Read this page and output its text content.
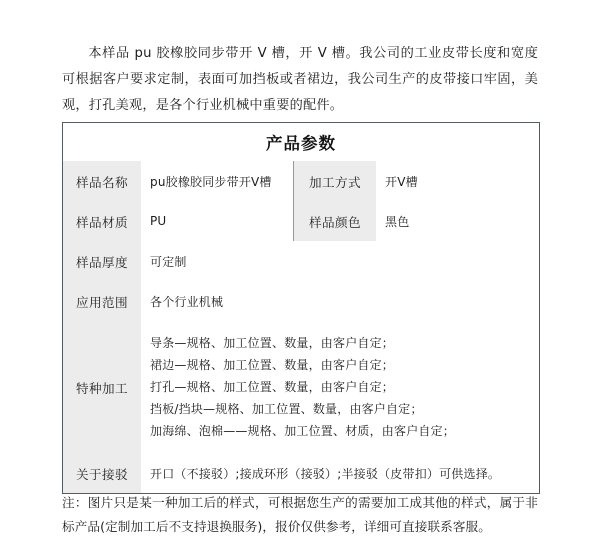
本样品 pu 胶橡胶同步带开 V 槽，开 V 槽。我公司的工业皮带长度和宽度可根据客户要求定制，表面可加挡板或者裙边，我公司生产的皮带接口牢固，美观，打孔美观，是各个行业机械中重要的配件。

产品参数			
样品名称	pu胶橡胶同步带开V槽	加工方式	开V槽
样品材质	PU	样品颜色	黑色
样品厚度	可定制		
应用范围	各个行业机械		
特种加工	导条—规格、加工位置、数量，由客户自定；
裙边—规格、加工位置、数量，由客户自定；
打孔—规格、加工位置、数量，由客户自定；
挡板/挡块—规格、加工位置、数量，由客户自定；
加海绵、泡棉——规格、加工位置、材质，由客户自定；		

关于接驳	开口（不接驳）;接成环形（接驳）;半接驳（皮带扣）可供选择。		

注：图片只是某一种加工后的样式，可根据您生产的需要加工成其他的样式，属于非标产品(定制加工后不支持退换服务)，报价仅供参考，详细可直接联系客服。
